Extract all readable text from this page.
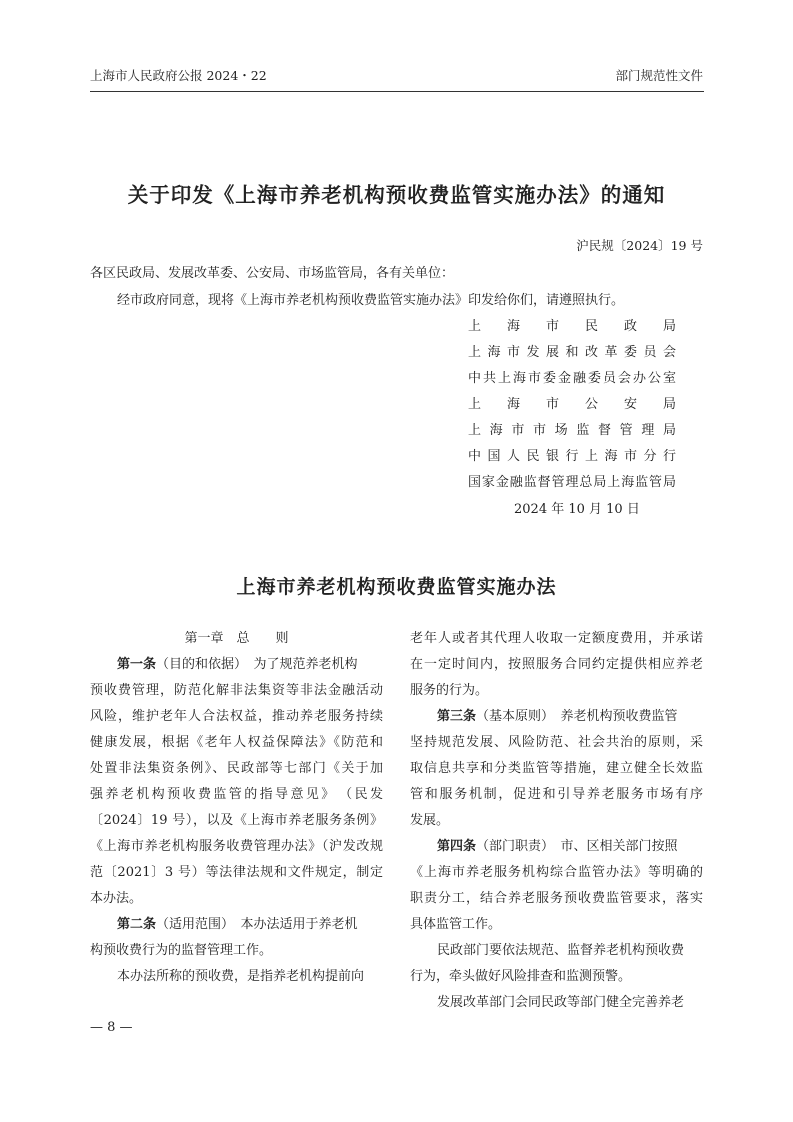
上海市人民政府公报 2024・22	部门规范性文件
关于印发《上海市养老机构预收费监管实施办法》的通知
沪民规〔2024〕19 号
各区民政局、发展改革委、公安局、市场监管局，各有关单位：
经市政府同意，现将《上海市养老机构预收费监管实施办法》印发给你们，请遵照执行。
上海市民政局
上海市发展和改革委员会
中共上海市委金融委员会办公室
上海市公安局
上海市市场监督管理局
中国人民银行上海市分行
国家金融监督管理总局上海监管局
2024 年 10 月 10 日
上海市养老机构预收费监管实施办法
第一章　总　　则
第一条（目的和依据）　为了规范养老机构
预收费管理，防范化解非法集资等非法金融活动
风险，维护老年人合法权益，推动养老服务持续
健康发展，根据《老年人权益保障法》《防范和
处置非法集资条例》、民政部等七部门《关于加
强养老机构预收费监管的指导意见》　（民发
〔2024〕19 号），以及《上海市养老服务条例》
《上海市养老机构服务收费管理办法》（沪发改规
范〔2021〕3 号）等法律法规和文件规定，制定
本办法。
第二条（适用范围）　本办法适用于养老机
构预收费行为的监督管理工作。
本办法所称的预收费，是指养老机构提前向
老年人或者其代理人收取一定额度费用，并承诺
在一定时间内，按照服务合同约定提供相应养老
服务的行为。
第三条（基本原则）　养老机构预收费监管
坚持规范发展、风险防范、社会共治的原则，采
取信息共享和分类监管等措施，建立健全长效监
管和服务机制，促进和引导养老服务市场有序
发展。
第四条（部门职责）　市、区相关部门按照
《上海市养老服务机构综合监管办法》等明确的
职责分工，结合养老服务预收费监管要求，落实
具体监管工作。
民政部门要依法规范、监督养老机构预收费
行为，牵头做好风险排查和监测预警。
发展改革部门会同民政等部门健全完善养老
— 8 —
